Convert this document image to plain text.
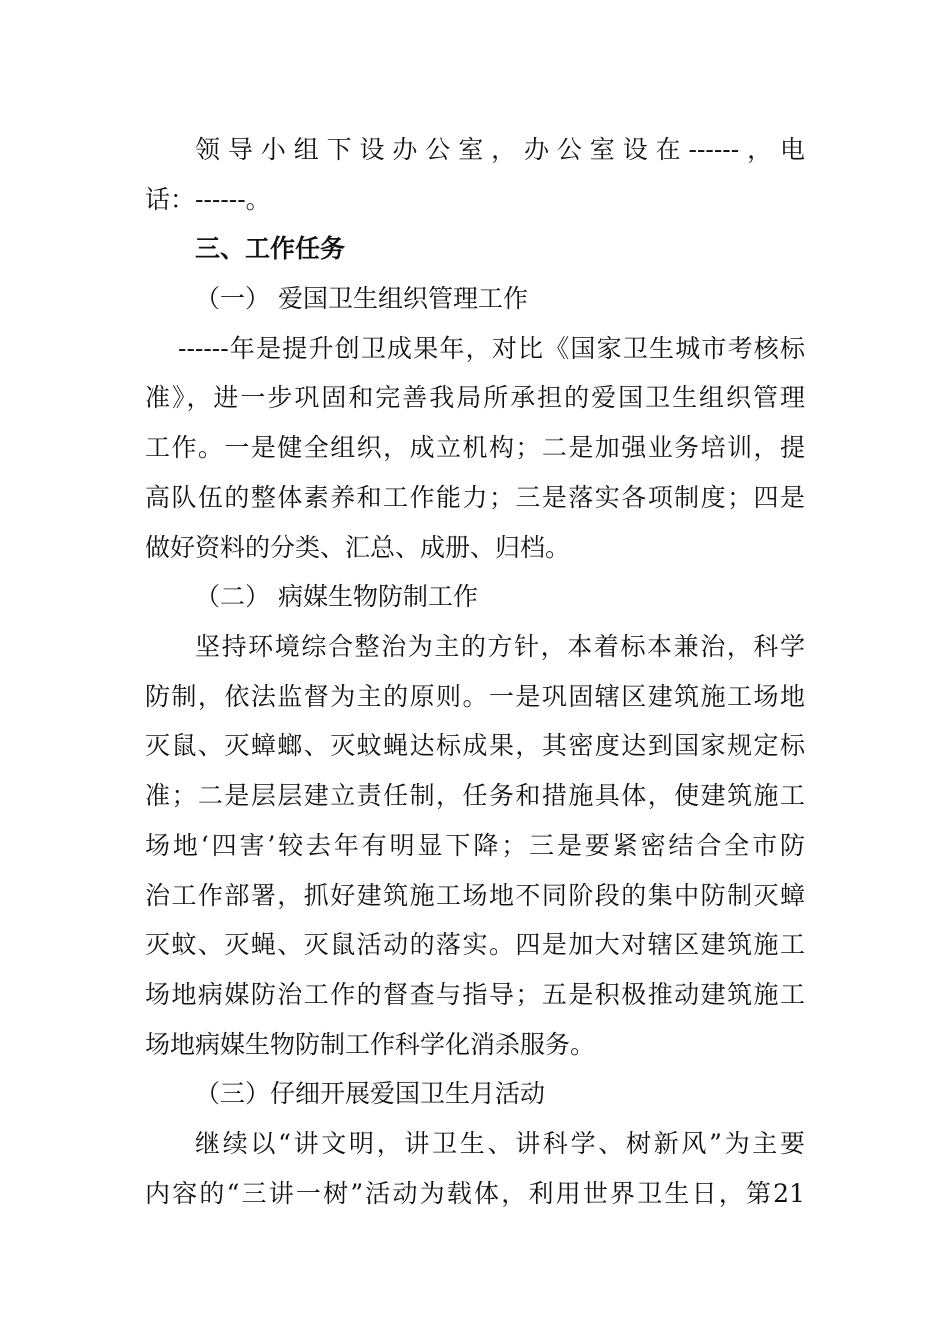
领导小组下设办公室，办公室设在------，电
话：------。
三、工作任务
（一） 爱国卫生组织管理工作
------年是提升创卫成果年，对比《国家卫生城市考核标
准》，进一步巩固和完善我局所承担的爱国卫生组织管理
工作。一是健全组织，成立机构；二是加强业务培训，提
高队伍的整体素养和工作能力；三是落实各项制度；四是
做好资料的分类、汇总、成册、归档。
（二） 病媒生物防制工作
坚持环境综合整治为主的方针，本着标本兼治，科学
防制，依法监督为主的原则。一是巩固辖区建筑施工场地
灭鼠、灭蟑螂、灭蚊蝇达标成果，其密度达到国家规定标
准；二是层层建立责任制，任务和措施具体，使建筑施工
场地‘四害’较去年有明显下降；三是要紧密结合全市防
治工作部署，抓好建筑施工场地不同阶段的集中防制灭蟑
灭蚊、灭蝇、灭鼠活动的落实。四是加大对辖区建筑施工
场地病媒防治工作的督查与指导；五是积极推动建筑施工
场地病媒生物防制工作科学化消杀服务。
（三）仔细开展爱国卫生月活动
继续以“讲文明，讲卫生、讲科学、树新风”为主要
内容的“三讲一树”活动为载体，利用世界卫生日，第21
